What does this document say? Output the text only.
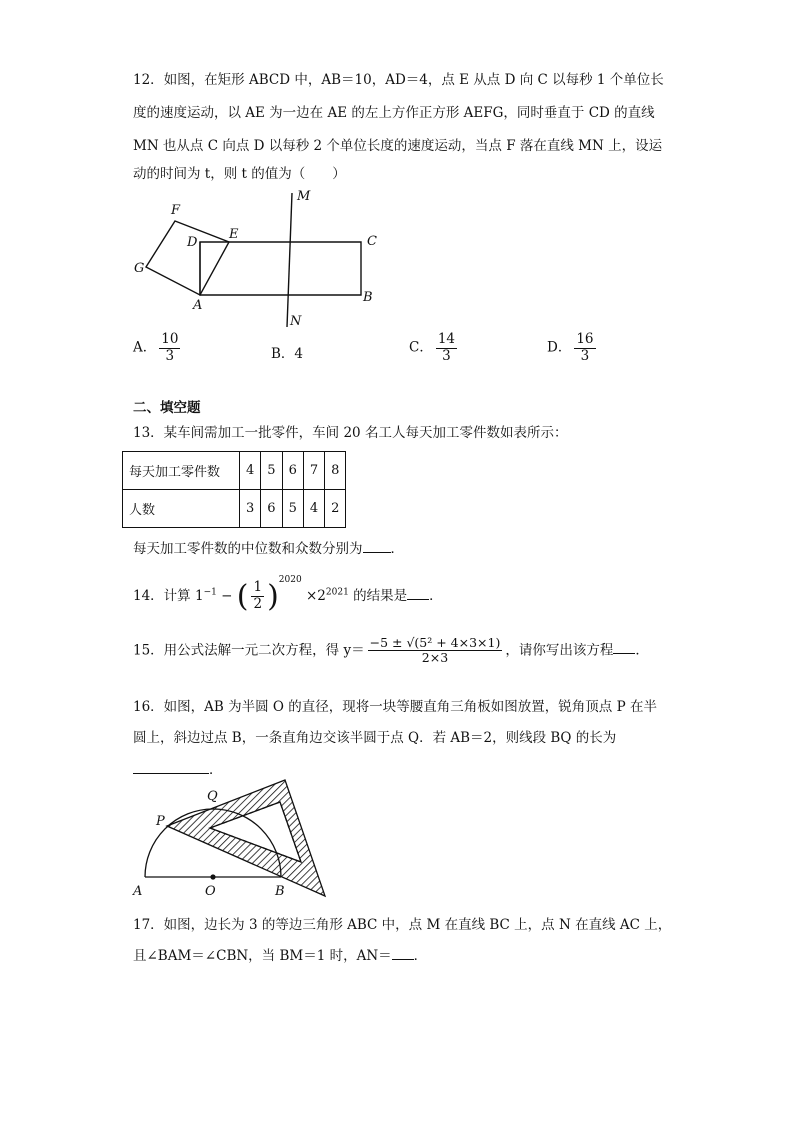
12．如图，在矩形 ABCD 中，AB＝10，AD＝4，点 E 从点 D 向 C 以每秒 1 个单位长
度的速度运动，以 AE 为一边在 AE 的左上方作正方形 AEFG，同时垂直于 CD 的直线
MN 也从点 C 向点 D 以每秒 2 个单位长度的速度运动，当点 F 落在直线 MN 上，设运
动的时间为 t，则 t 的值为（　　）
F
G
D
E
A
C
B
M
N
A． $\frac{10}{3}$	B．4	C． $\frac{14}{3}$	D． $\frac{16}{3}$
二、填空题
13．某车间需加工一批零件，车间 20 名工人每天加工零件数如表所示：
每天加工零件数	4	5	6	7	8
人数	3	6	5	4	2
每天加工零件数的中位数和众数分别为 ．
14．计算 $1^{-1}$ − ( $\frac{1}{2} )^{2020} \times 2^{2021}$ 的结果是 ．
15．用公式法解一元二次方程，得 $y= \frac{\text{−5 ± √(5² + 4×3×1)}}{2\times 3}$ ，请你写出该方程 ．
16．如图，AB 为半圆 O 的直径，现将一块等腰直角三角板如图放置，锐角顶点 P 在半
圆上，斜边过点 B，一条直角边交该半圆于点 Q．若 AB＝2，则线段 BQ 的长为
．
P
Q
A	O	B
17．如图，边长为 3 的等边三角形 ABC 中，点 M 在直线 BC 上，点 N 在直线 AC 上，
且∠BAM＝∠CBN，当 BM＝1 时，AN＝ ．
